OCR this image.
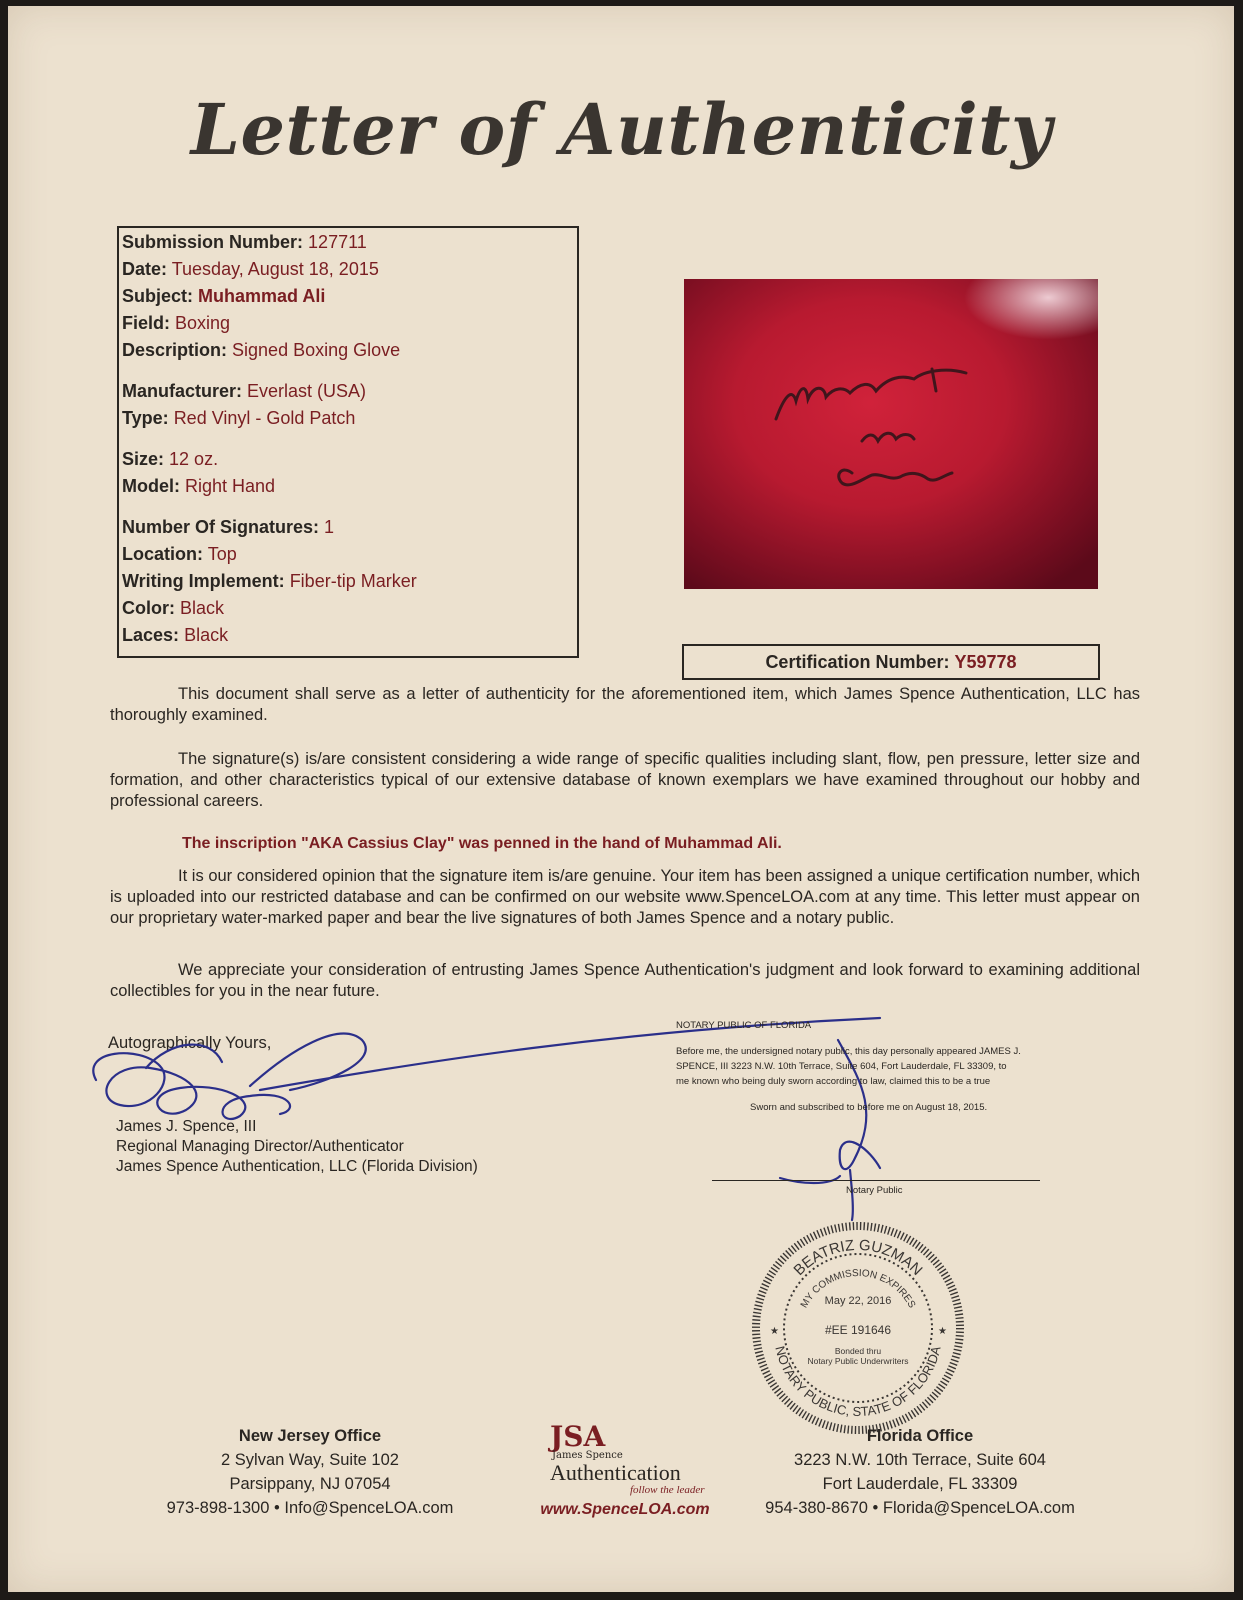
Letter of Authenticity
Submission Number: 127711
Date: Tuesday, August 18, 2015
Subject: Muhammad Ali
Field: Boxing
Description: Signed Boxing Glove
Manufacturer: Everlast (USA)
Type: Red Vinyl - Gold Patch
Size: 12 oz.
Model: Right Hand
Number Of Signatures: 1
Location: Top
Writing Implement: Fiber-tip Marker
Color: Black
Laces: Black
Certification Number: Y59778
This document shall serve as a letter of authenticity for the aforementioned item, which James Spence Authentication, LLC has thoroughly examined.
The signature(s) is/are consistent considering a wide range of specific qualities including slant, flow, pen pressure, letter size and formation, and other characteristics typical of our extensive database of known exemplars we have examined throughout our hobby and professional careers.
The inscription "AKA Cassius Clay" was penned in the hand of Muhammad Ali.
It is our considered opinion that the signature item is/are genuine. Your item has been assigned a unique certification number, which is uploaded into our restricted database and can be confirmed on our website www.SpenceLOA.com at any time. This letter must appear on our proprietary water-marked paper and bear the live signatures of both James Spence and a notary public.
We appreciate your consideration of entrusting James Spence Authentication's judgment and look forward to examining additional collectibles for you in the near future.
Autographically Yours,
James J. Spence, III
Regional Managing Director/Authenticator
James Spence Authentication, LLC (Florida Division)
NOTARY PUBLIC OF FLORIDA
Before me, the undersigned notary public, this day personally appeared JAMES J.
SPENCE, III 3223 N.W. 10th Terrace, Suite 604, Fort Lauderdale, FL 33309, to
me known who being duly sworn according to law, claimed this to be a true
Sworn and subscribed to before me on August 18, 2015.
Notary Public
BEATRIZ GUZMAN
MY COMMISSION EXPIRES
May 22, 2016
#EE 191646
Bonded thru
Notary Public Underwriters
NOTARY PUBLIC, STATE OF FLORIDA
★	★
New Jersey Office
2 Sylvan Way, Suite 102
Parsippany, NJ 07054
973-898-1300 • Info@SpenceLOA.com
Florida Office
3223 N.W. 10th Terrace, Suite 604
Fort Lauderdale, FL 33309
954-380-8670 • Florida@SpenceLOA.com
JSA
James Spence
Authentication
follow the leader
www.SpenceLOA.com
